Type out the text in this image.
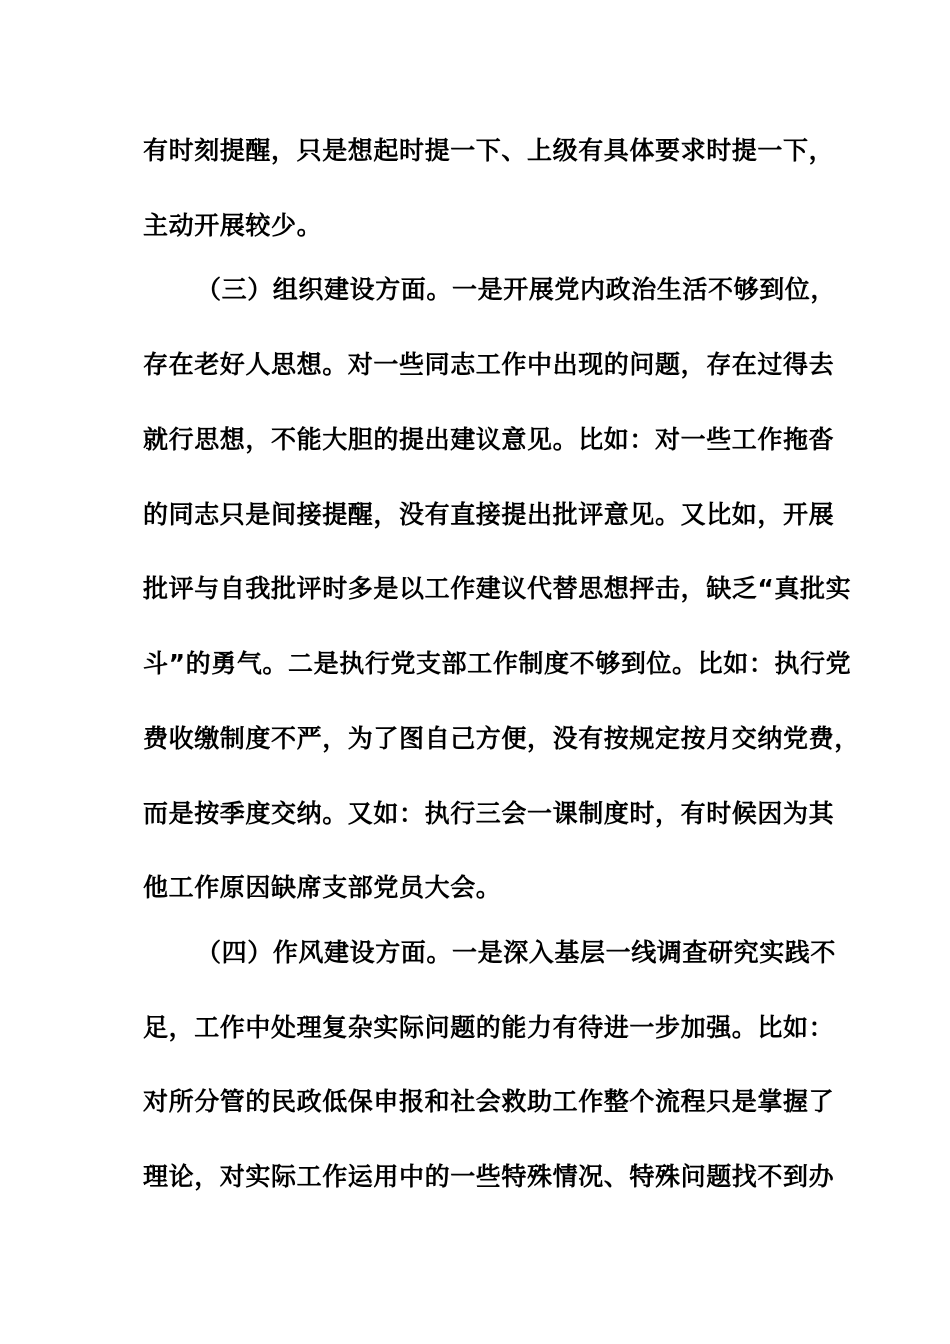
有时刻提醒，只是想起时提一下、上级有具体要求时提一下，
主动开展较少。
（三）组织建设方面。一是开展党内政治生活不够到位，
存在老好人思想。对一些同志工作中出现的问题，存在过得去
就行思想，不能大胆的提出建议意见。比如：对一些工作拖沓
的同志只是间接提醒，没有直接提出批评意见。又比如，开展
批评与自我批评时多是以工作建议代替思想抨击，缺乏“真批实
斗”的勇气。二是执行党支部工作制度不够到位。比如：执行党
费收缴制度不严，为了图自己方便，没有按规定按月交纳党费，
而是按季度交纳。又如：执行三会一课制度时，有时候因为其
他工作原因缺席支部党员大会。
（四）作风建设方面。一是深入基层一线调查研究实践不
足，工作中处理复杂实际问题的能力有待进一步加强。比如：
对所分管的民政低保申报和社会救助工作整个流程只是掌握了
理论，对实际工作运用中的一些特殊情况、特殊问题找不到办
